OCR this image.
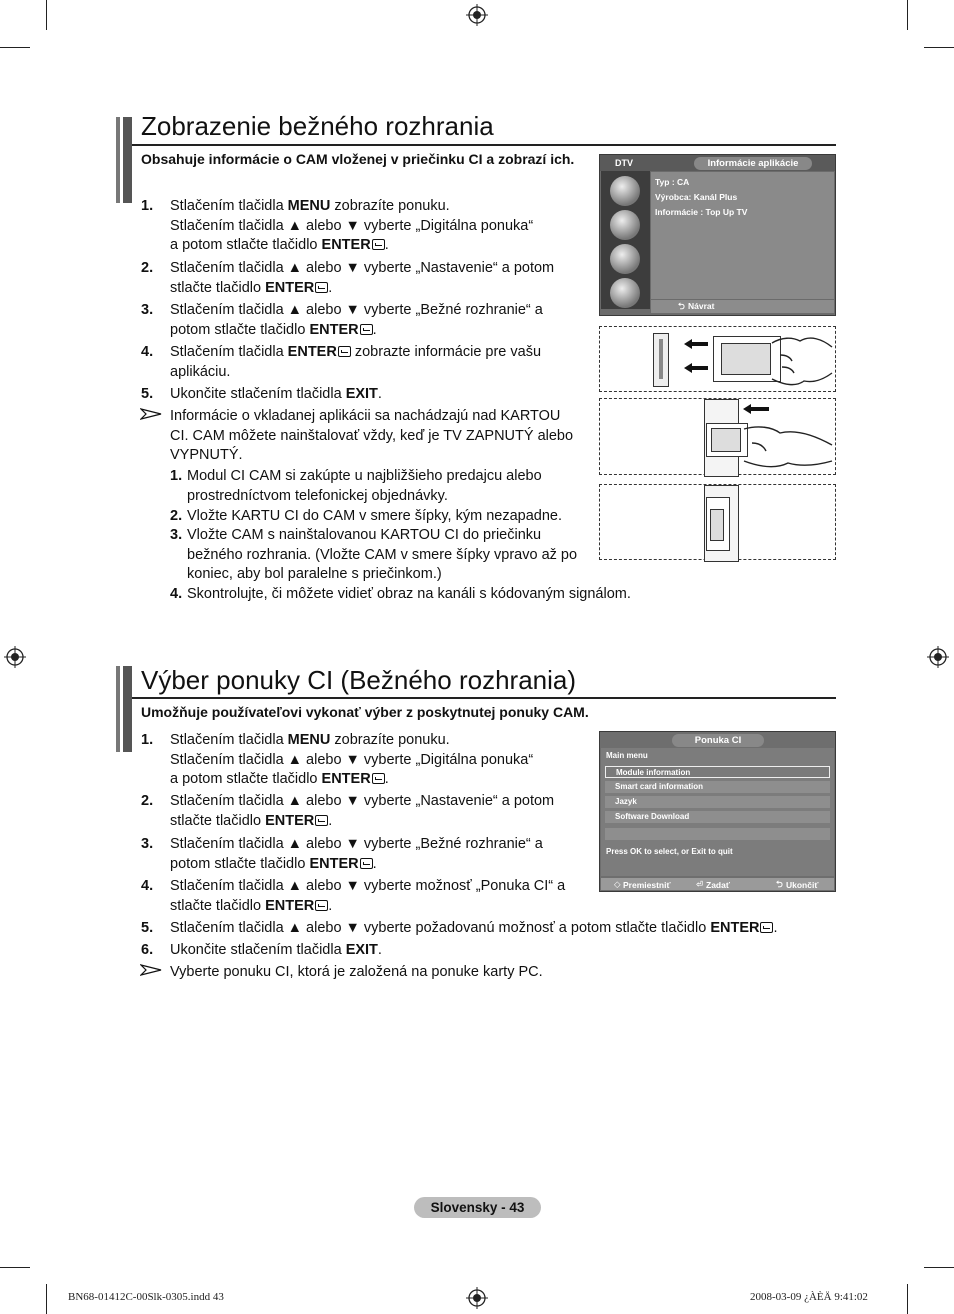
Zobrazenie bežného rozhrania
Obsahuje informácie o CAM vloženej v priečinku CI a zobrazí ich.
1. Stlačením tlačidla MENU zobrazíte ponuku.
Stlačením tlačidla ▲ alebo ▼ vyberte „Digitálna ponuka“
a potom stlačte tlačidlo ENTER .
2. Stlačením tlačidla ▲ alebo ▼ vyberte „Nastavenie“ a potom
stlačte tlačidlo ENTER .
3. Stlačením tlačidla ▲ alebo ▼ vyberte „Bežné rozhranie“ a
potom stlačte tlačidlo ENTER .
4. Stlačením tlačidla ENTER zobrazte informácie pre vašu
aplikáciu.
5. Ukončite stlačením tlačidla EXIT.
Informácie o vkladanej aplikácii sa nachádzajú nad KARTOU
CI. CAM môžete nainštalovať vždy, keď je TV ZAPNUTÝ alebo
VYPNUTÝ.
1. Modul CI CAM si zakúpte u najbližšieho predajcu alebo
prostredníctvom telefonickej objednávky.
2. Vložte KARTU CI do CAM v smere šípky, kým nezapadne.
3. Vložte CAM s nainštalovanou KARTOU CI do priečinku
bežného rozhrania. (Vložte CAM v smere šípky vpravo až po
koniec, aby bol paralelne s priečinkom.)
4. Skontrolujte, či môžete vidieť obraz na kanáli s kódovaným signálom.
DTV	Informácie aplikácie
Typ : CA
Výrobca: Kanál Plus
Informácie : Top Up TV
⮌ Návrat
Výber ponuky CI (Bežného rozhrania)
Umožňuje používateľovi vykonať výber z poskytnutej ponuky CAM.
1. Stlačením tlačidla MENU zobrazíte ponuku.
Stlačením tlačidla ▲ alebo ▼ vyberte „Digitálna ponuka“
a potom stlačte tlačidlo ENTER .
2. Stlačením tlačidla ▲ alebo ▼ vyberte „Nastavenie“ a potom
stlačte tlačidlo ENTER .
3. Stlačením tlačidla ▲ alebo ▼ vyberte „Bežné rozhranie“ a
potom stlačte tlačidlo ENTER .
4. Stlačením tlačidla ▲ alebo ▼ vyberte možnosť „Ponuka CI“ a
stlačte tlačidlo ENTER .
5. Stlačením tlačidla ▲ alebo ▼ vyberte požadovanú možnosť a potom stlačte tlačidlo ENTER .
6. Ukončite stlačením tlačidla EXIT.
Vyberte ponuku CI, ktorá je založená na ponuke karty PC.
Ponuka CI
Main menu
Module information
Smart card information
Jazyk
Software Download
Press OK to select, or Exit to quit
◇ Premiestniť	⏎ Zadať	⮌ Ukončiť
Slovensky - 43
BN68-01412C-00Slk-0305.indd 43	2008-03-09 ¿ÀÈÄ 9:41:02
